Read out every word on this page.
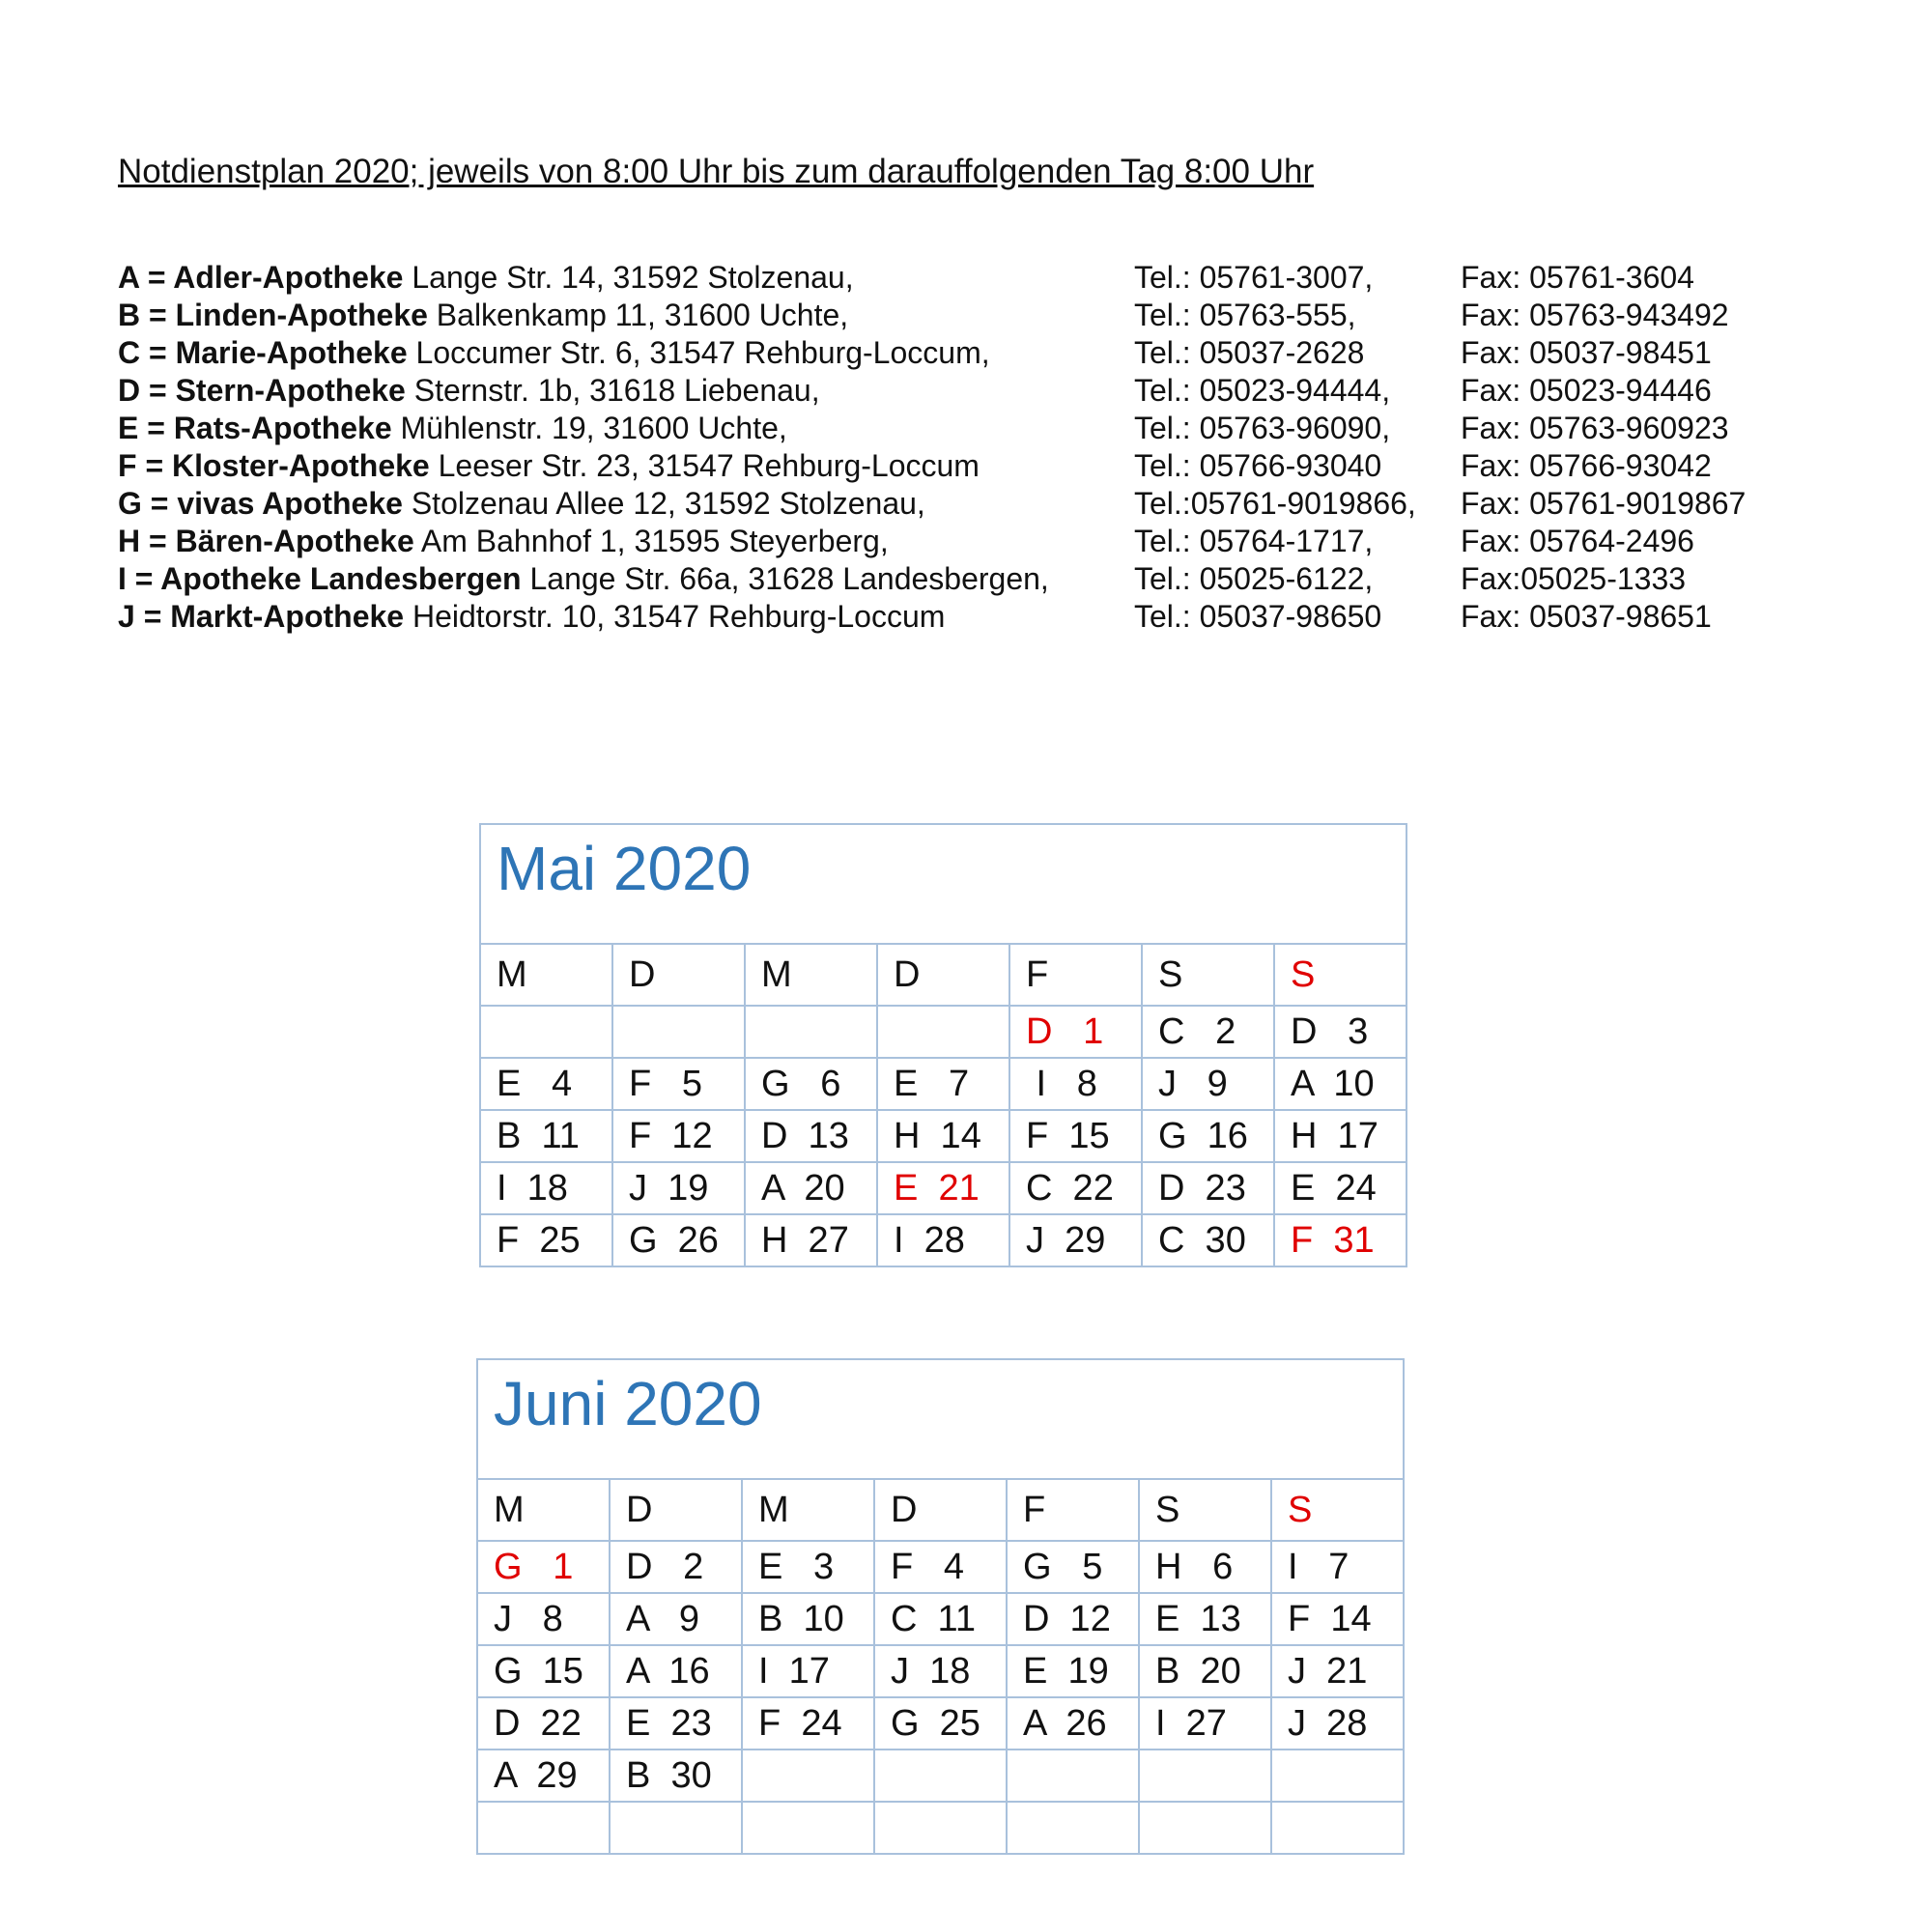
Notdienstplan 2020; jeweils von 8:00 Uhr bis zum darauffolgenden Tag 8:00 Uhr
A = Adler-Apotheke Lange Str. 14, 31592 Stolzenau,	Tel.: 05761-3007,	Fax: 05761-3604
B = Linden-Apotheke Balkenkamp 11, 31600 Uchte,	Tel.: 05763-555,	Fax: 05763-943492
C = Marie-Apotheke Loccumer Str. 6, 31547 Rehburg-Loccum,	Tel.: 05037-2628	Fax: 05037-98451
D = Stern-Apotheke Sternstr. 1b, 31618 Liebenau,	Tel.: 05023-94444, Fax: 05023-94446
E = Rats-Apotheke Mühlenstr. 19, 31600 Uchte,	Tel.: 05763-96090, Fax: 05763-960923
F = Kloster-Apotheke Leeser Str. 23, 31547 Rehburg-Loccum	Tel.: 05766-93040	Fax: 05766-93042
G = vivas Apotheke Stolzenau Allee 12, 31592 Stolzenau,	Tel.:05761-9019866, Fax: 05761-9019867
H = Bären-Apotheke Am Bahnhof 1, 31595 Steyerberg,	Tel.: 05764-1717,	Fax: 05764-2496
I = Apotheke Landesbergen Lange Str. 66a, 31628 Landesbergen,	Tel.: 05025-6122,	Fax:05025-1333
J = Markt-Apotheke Heidtorstr. 10, 31547 Rehburg-Loccum	Tel.: 05037-98650	Fax: 05037-98651
Mai 2020						
M	D	M	D	F	S	S
				D   1	C   2	D   3
E   4	F   5	G   6	E   7	I   8	J   9	A  10
B  11	F  12	D  13	H  14	F  15	G  16	H  17
I  18	J  19	A  20	E  21	C  22	D  23	E  24
F  25	G  26	H  27	I  28	J  29	C  30	F  31
Juni 2020						
M	D	M	D	F	S	S
G   1	D   2	E   3	F   4	G   5	H   6	I   7
J   8	A   9	B  10	C  11	D  12	E  13	F  14
G  15	A  16	I  17	J  18	E  19	B  20	J  21
D  22	E  23	F  24	G  25	A  26	I  27	J  28
A  29	B  30					
